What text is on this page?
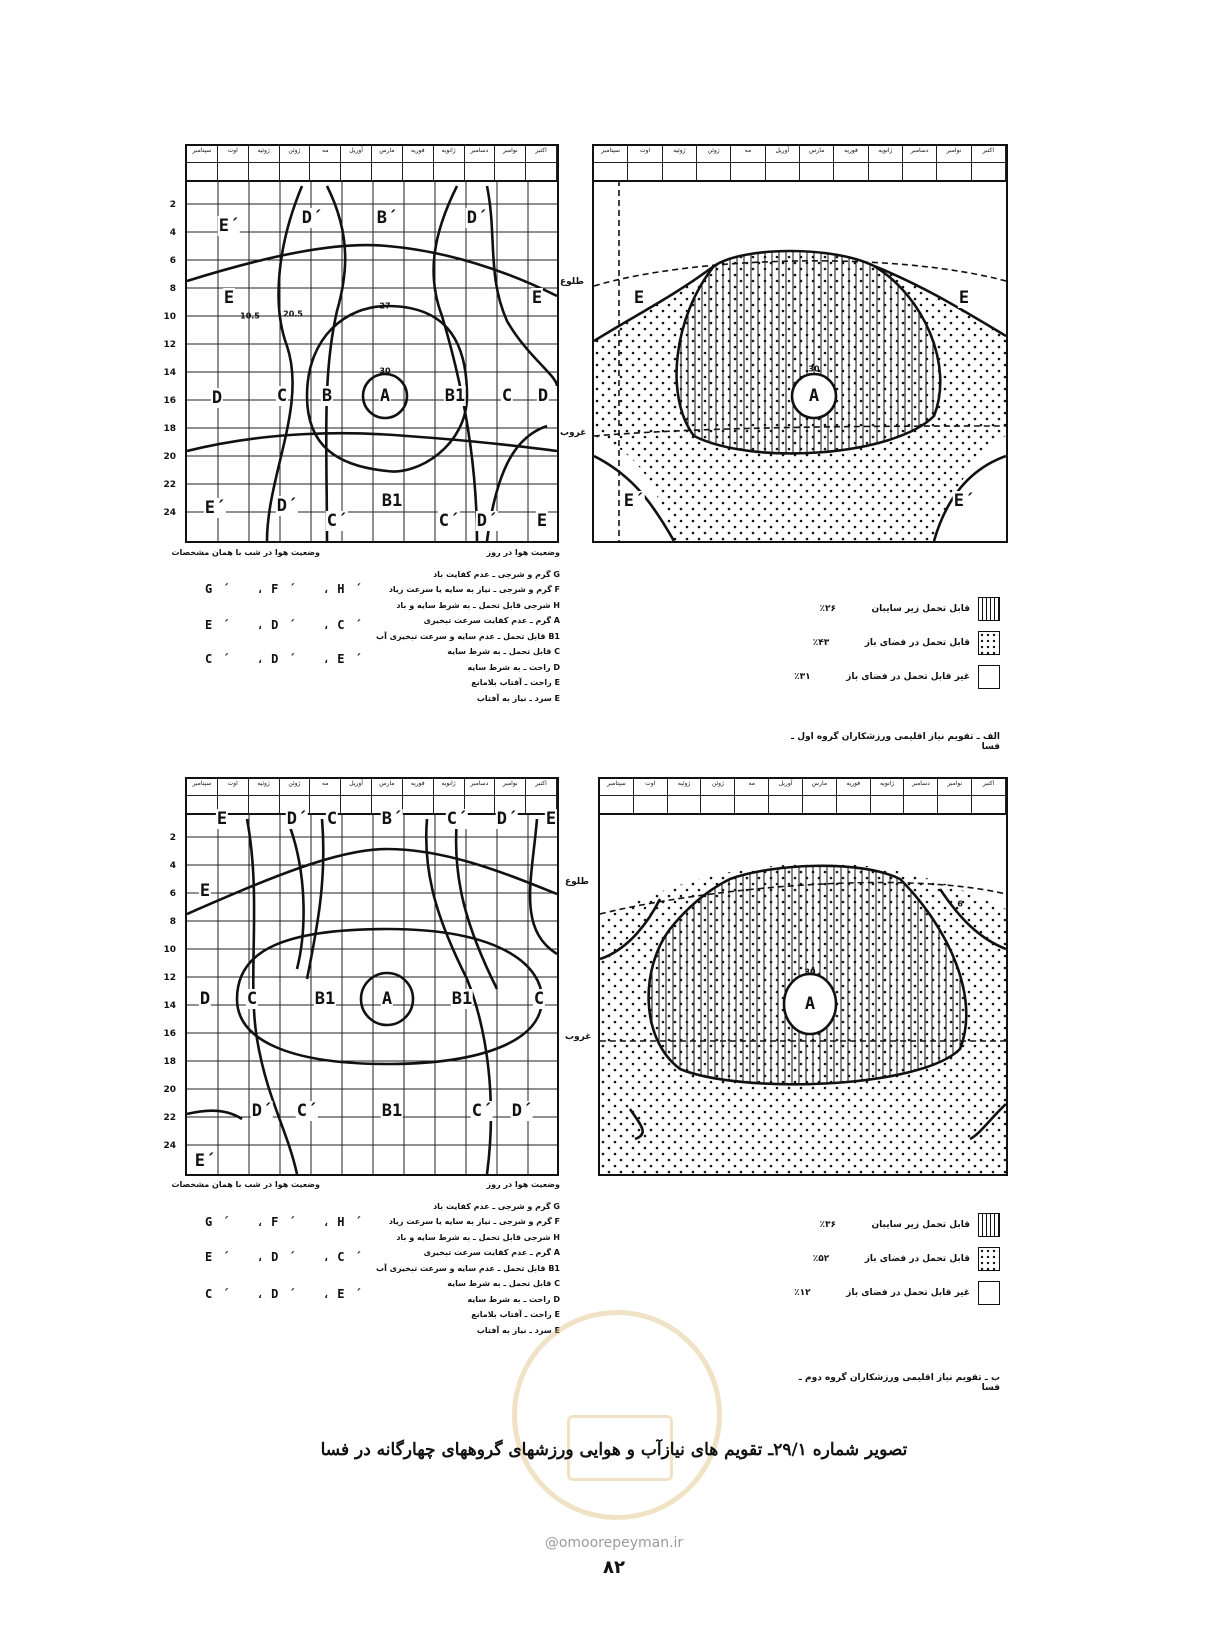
سپتامبر	اوت	ژوئیه	ژوئن	مه	آوریل	مارس	فوریه	ژانویه	دسامبر	نوامبر	اکتبر
E´	D´	B´	D´
E	E
D	C B	A	B1 C D
E´	D´
C´
B1
C´ D´ E
10.5	20.5
27
30
2
4
6
8
10
12
14
16
18
20
22
24
سپتامبر	اوت	ژوئیه	ژوئن	مه	آوریل	مارس	فوریه	ژانویه	دسامبر	نوامبر	اکتبر
E	E
A
E´	E´
30
طلوع
غروب
وضعیت هوا در روز
G گرم و شرجی ـ عدم کفایت باد
F گرم و شرجی ـ نیاز به سایه یا سرعت زیاد
H شرجی قابل تحمل ـ به شرط سایه و باد
A گرم ـ عدم کفایت سرعت تبخیری
B1 قابل تحمل ـ عدم سایه و سرعت تبخیری آب
C قابل تحمل ـ به شرط سایه
D راحت ـ به شرط سایه
E راحت ـ آفتاب بلامانع
E سرد ـ نیاز به آفتاب
وضعیت هوا در شب با همان مشخصات
G´ ، F´ ، H´
E´ ، D´ ، C´
C´ ، D´ ، E´
قابل تحمل زیر سایبان
٪۲۶
قابل تحمل در فضای باز
٪۴۳
غیر قابل تحمل در فضای باز
٪۳۱
الف ـ تقویم نیاز اقلیمی ورزشکاران گروه اول ـ فسا
سپتامبر	اوت	ژوئیه	ژوئن	مه	آوریل	مارس	فوریه	ژانویه	دسامبر	نوامبر	اکتبر
E	D´ C	B´	C´ D´ E
E
D C	B1	A	B1	C
D´ C´	B1	C´ D´
E´
2
4
6
8
10
12
14
16
18
20
22
24
سپتامبر	اوت	ژوئیه	ژوئن	مه	آوریل	مارس	فوریه	ژانویه	دسامبر	نوامبر	اکتبر
A
30
6
طلوع
غروب
وضعیت هوا در روز
G گرم و شرجی ـ عدم کفایت باد
F گرم و شرجی ـ نیاز به سایه یا سرعت زیاد
H شرجی قابل تحمل ـ به شرط سایه و باد
A گرم ـ عدم کفایت سرعت تبخیری
B1 قابل تحمل ـ عدم سایه و سرعت تبخیری آب
C قابل تحمل ـ به شرط سایه
D راحت ـ به شرط سایه
E راحت ـ آفتاب بلامانع
E سرد ـ نیاز به آفتاب
وضعیت هوا در شب با همان مشخصات
G´ ، F´ ، H´
E´ ، D´ ، C´
C´ ، D´ ، E´
قابل تحمل زیر سایبان
٪۳۶
قابل تحمل در فضای باز
٪۵۲
غیر قابل تحمل در فضای باز
٪۱۲
ب ـ تقویم نیاز اقلیمی ورزشکاران گروه دوم ـ فسا
تصویر شماره ۲۹/۱ـ تقویم های نیازآب و هوایی ورزشهای گروههای چهارگانه در فسا
@omoorepeyman.ir
۸۲
